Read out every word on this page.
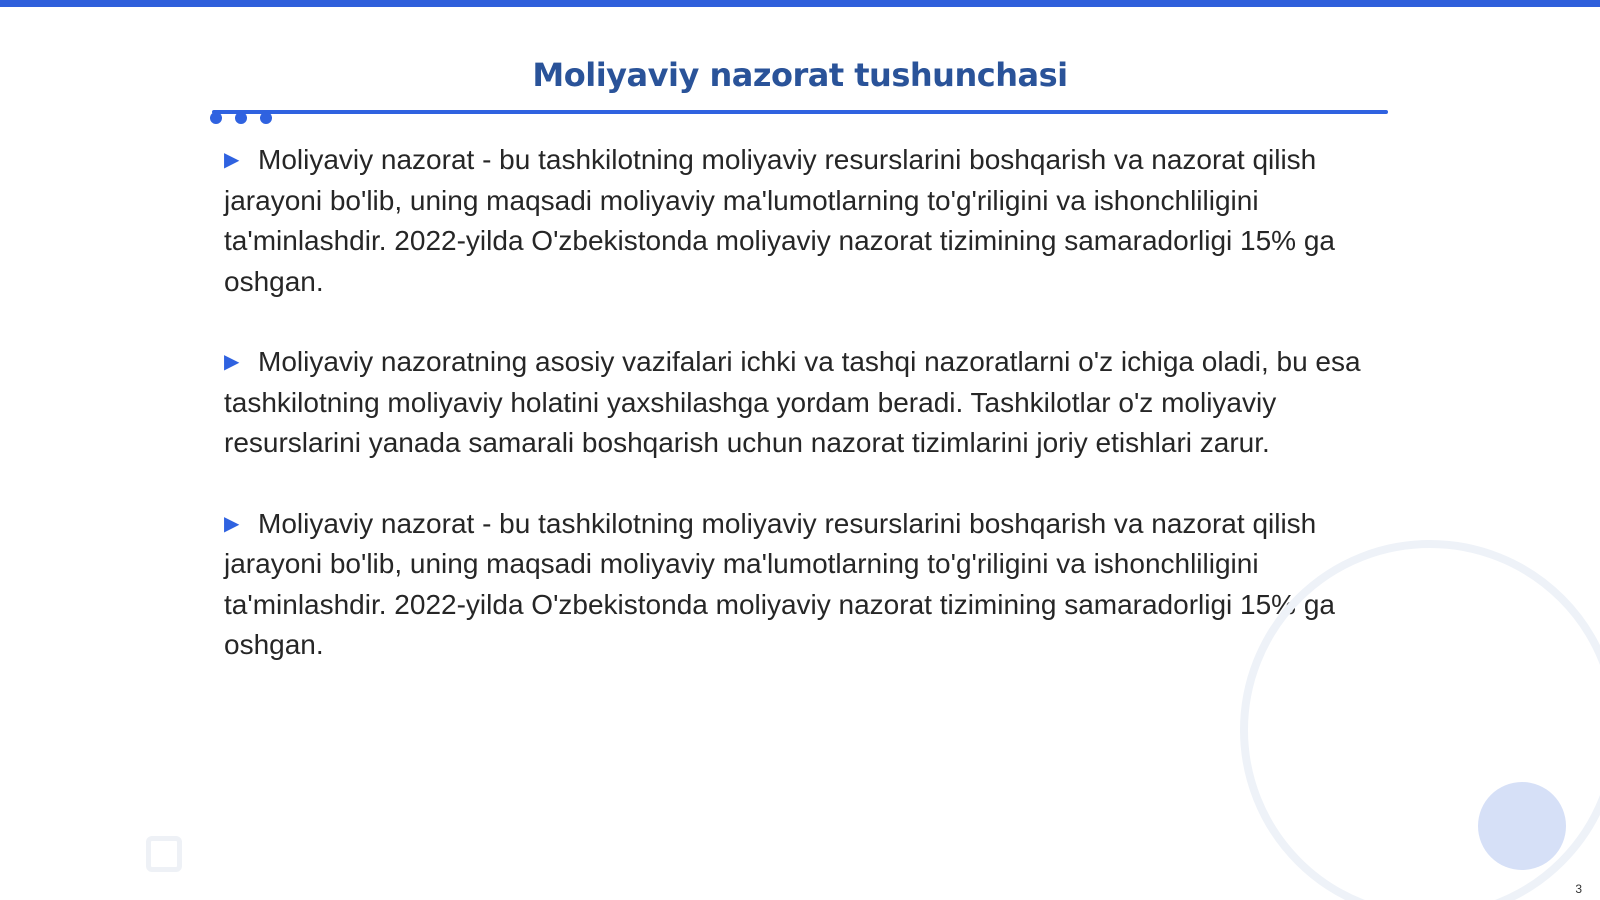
Moliyaviy nazorat tushunchasi

▶ Moliyaviy nazorat - bu tashkilotning moliyaviy resurslarini boshqarish va nazorat qilish jarayoni bo'lib, uning maqsadi moliyaviy ma'lumotlarning to'g'riligini va ishonchliligini ta'minlashdir. 2022-yilda O'zbekistonda moliyaviy nazorat tizimining samaradorligi 15% ga oshgan.

▶ Moliyaviy nazoratning asosiy vazifalari ichki va tashqi nazoratlarni o'z ichiga oladi, bu esa tashkilotning moliyaviy holatini yaxshilashga yordam beradi. Tashkilotlar o'z moliyaviy resurslarini yanada samarali boshqarish uchun nazorat tizimlarini joriy etishlari zarur.

▶ Moliyaviy nazorat - bu tashkilotning moliyaviy resurslarini boshqarish va nazorat qilish jarayoni bo'lib, uning maqsadi moliyaviy ma'lumotlarning to'g'riligini va ishonchliligini ta'minlashdir. 2022-yilda O'zbekistonda moliyaviy nazorat tizimining samaradorligi 15% ga oshgan.

3
